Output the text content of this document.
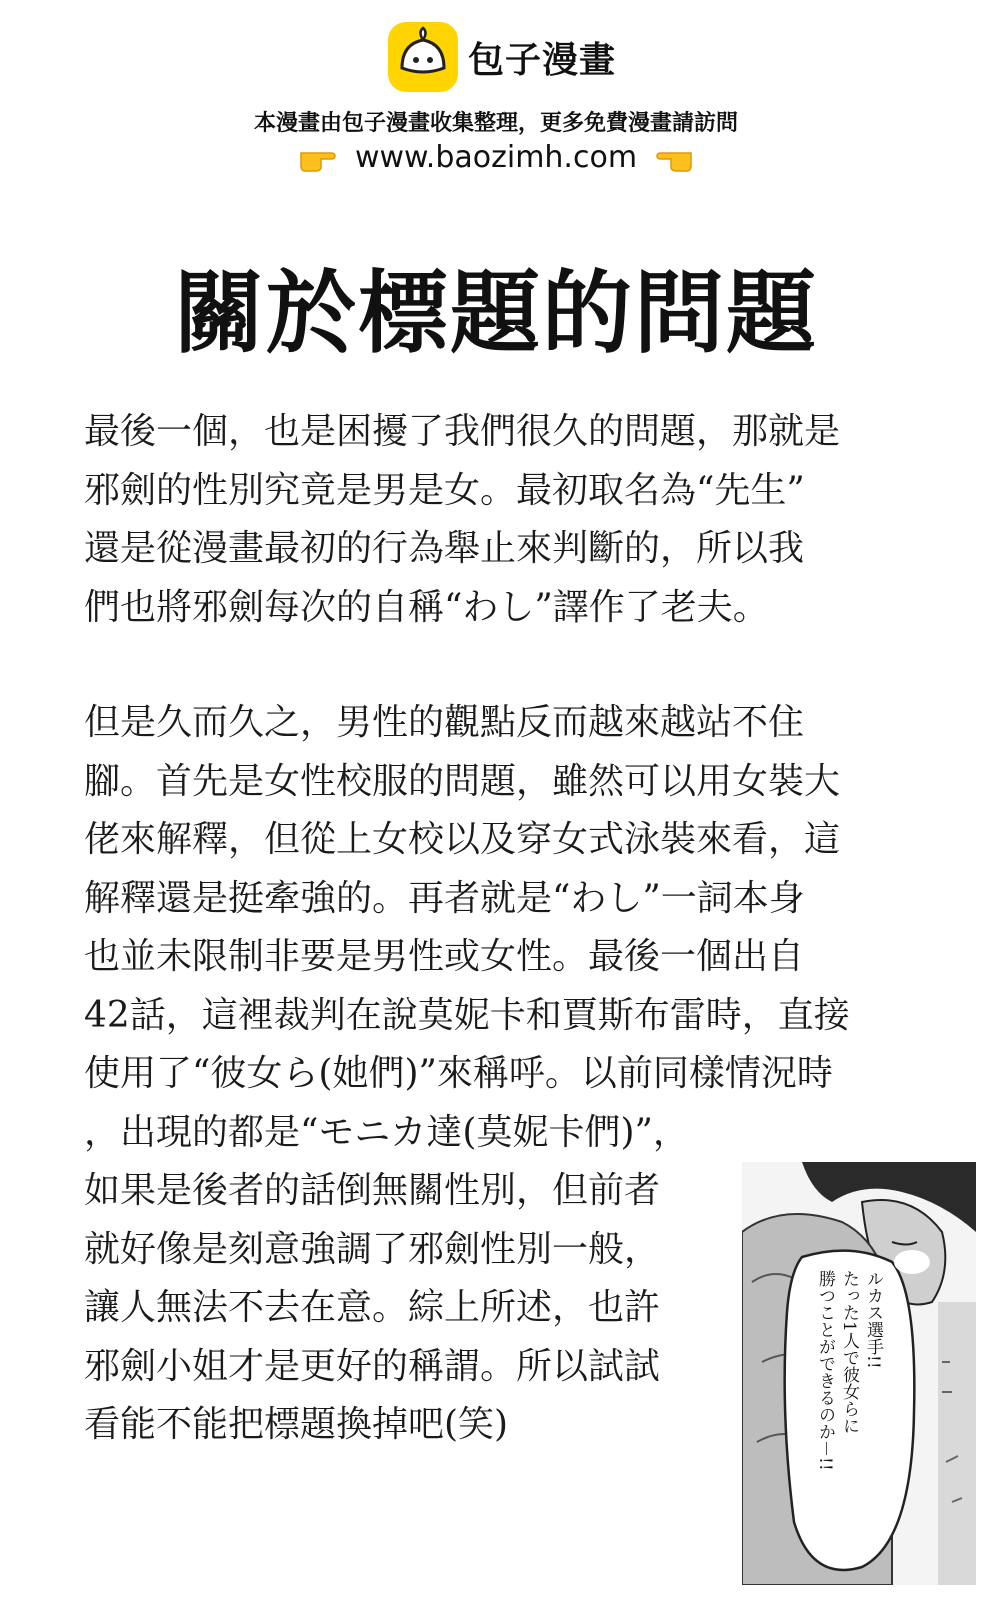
包子漫畫
本漫畫由包子漫畫收集整理，更多免費漫畫請訪問
www.baozimh.com
關於標題的問題

最後一個，也是困擾了我們很久的問題，那就是

邪劍的性別究竟是男是女。最初取名為“先生”

還是從漫畫最初的行為舉止來判斷的，所以我

們也將邪劍每次的自稱“わし”譯作了老夫。

但是久而久之，男性的觀點反而越來越站不住

腳。首先是女性校服的問題，雖然可以用女裝大

佬來解釋，但從上女校以及穿女式泳裝來看，這

解釋還是挺牽強的。再者就是“わし”一詞本身

也並未限制非要是男性或女性。最後一個出自

42話，這裡裁判在說莫妮卡和賈斯布雷時，直接

使用了“彼女ら(她們)”來稱呼。以前同樣情況時

，出現的都是“モニカ達(莫妮卡們)”，

如果是後者的話倒無關性別，但前者

就好像是刻意強調了邪劍性別一般，

讓人無法不去在意。綜上所述，也許

邪劍小姐才是更好的稱謂。所以試試

看能不能把標題換掉吧(笑)

ルカス選手!!
たった1人で彼女らに
勝つことができるのか－!!
